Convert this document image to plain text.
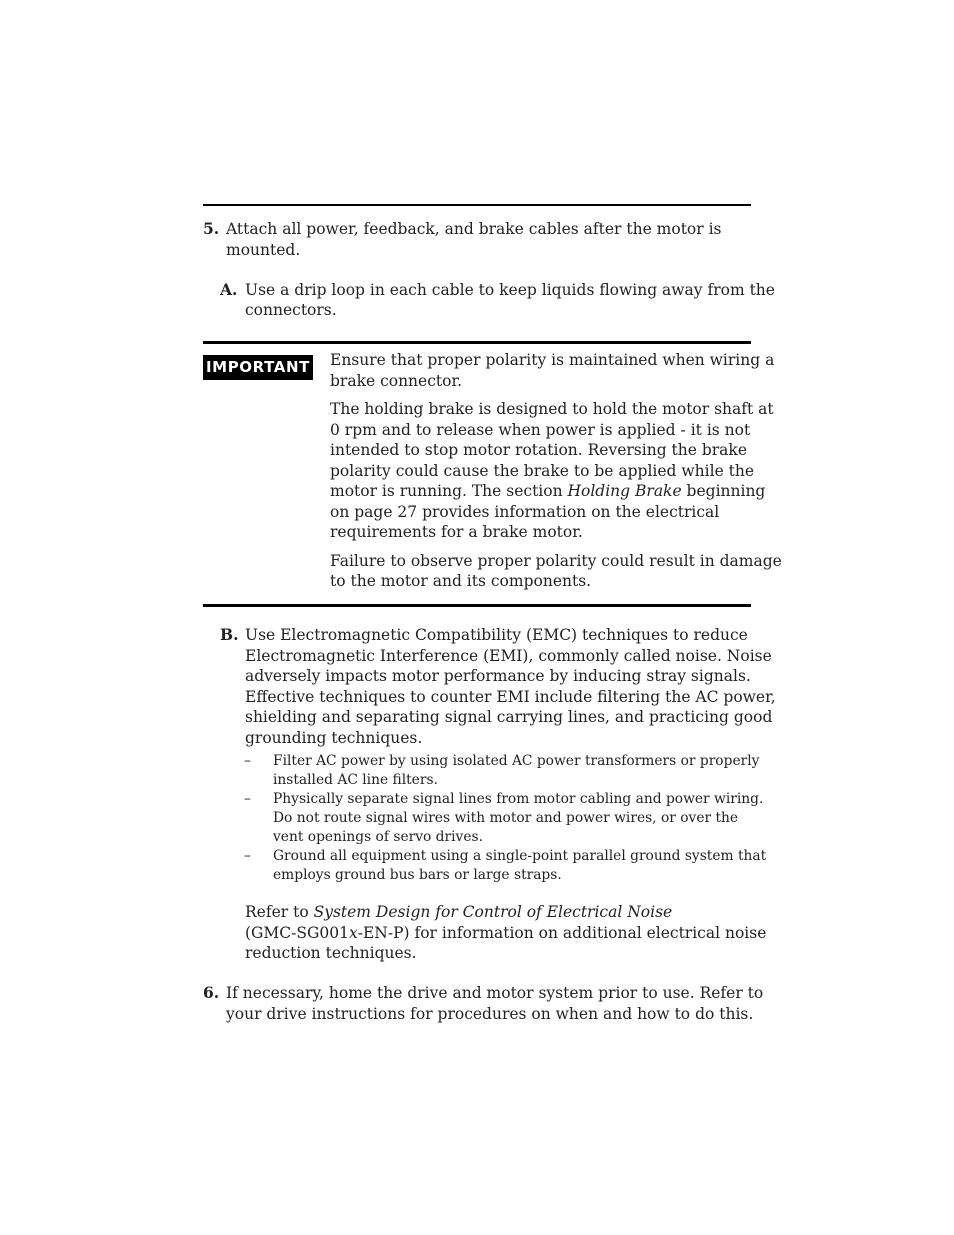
5. Attach all power, feedback, and brake cables after the motor is
mounted.
A. Use a drip loop in each cable to keep liquids flowing away from the
connectors.
IMPORTANT Ensure that proper polarity is maintained when wiring a
brake connector.

The holding brake is designed to hold the motor shaft at
0 rpm and to release when power is applied - it is not
intended to stop motor rotation. Reversing the brake
polarity could cause the brake to be applied while the
motor is running. The section Holding Brake beginning
on page 27 provides information on the electrical
requirements for a brake motor.

Failure to observe proper polarity could result in damage
to the motor and its components.

B. Use Electromagnetic Compatibility (EMC) techniques to reduce
Electromagnetic Interference (EMI), commonly called noise. Noise
adversely impacts motor performance by inducing stray signals.
Effective techniques to counter EMI include filtering the AC power,
shielding and separating signal carrying lines, and practicing good
grounding techniques.
– Filter AC power by using isolated AC power transformers or properly
installed AC line filters.
– Physically separate signal lines from motor cabling and power wiring.
Do not route signal wires with motor and power wires, or over the
vent openings of servo drives.
– Ground all equipment using a single-point parallel ground system that
employs ground bus bars or large straps.
Refer to System Design for Control of Electrical Noise
(GMC-SG001x-EN-P) for information on additional electrical noise
reduction techniques.
6. If necessary, home the drive and motor system prior to use. Refer to
your drive instructions for procedures on when and how to do this.
